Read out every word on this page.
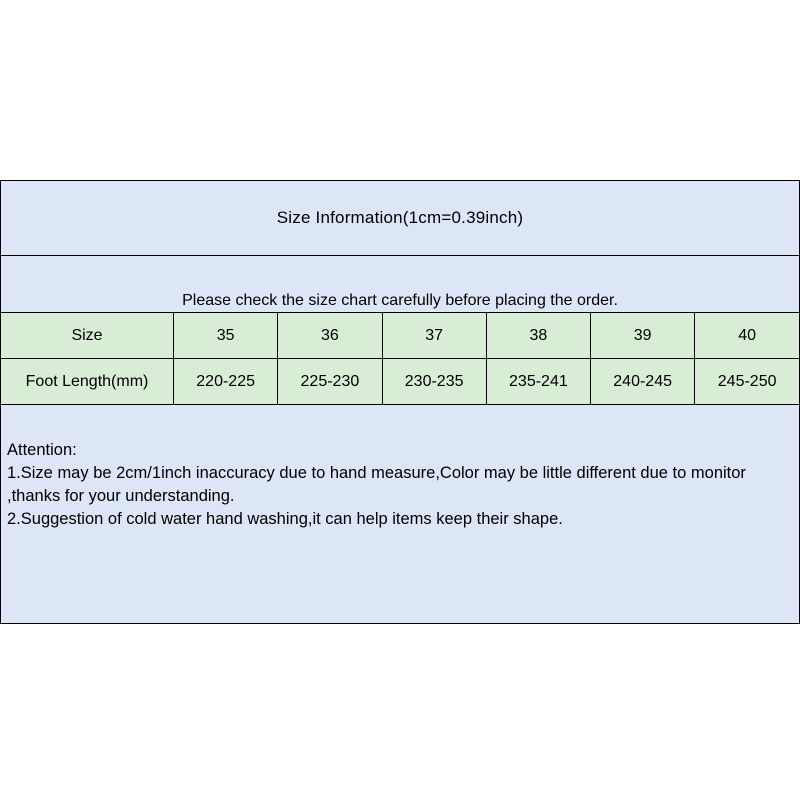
Size Information(1cm=0.39inch)
Please check the size chart carefully before placing the order.
Size	35	36	37	38	39	40
Foot Length(mm)	220-225	225-230	230-235	235-241	240-245	245-250
Attention:
1.Size may be 2cm/1inch inaccuracy due to hand measure,Color may be little different due to monitor ,thanks for your understanding.
2.Suggestion of cold water hand washing,it can help items keep their shape.
